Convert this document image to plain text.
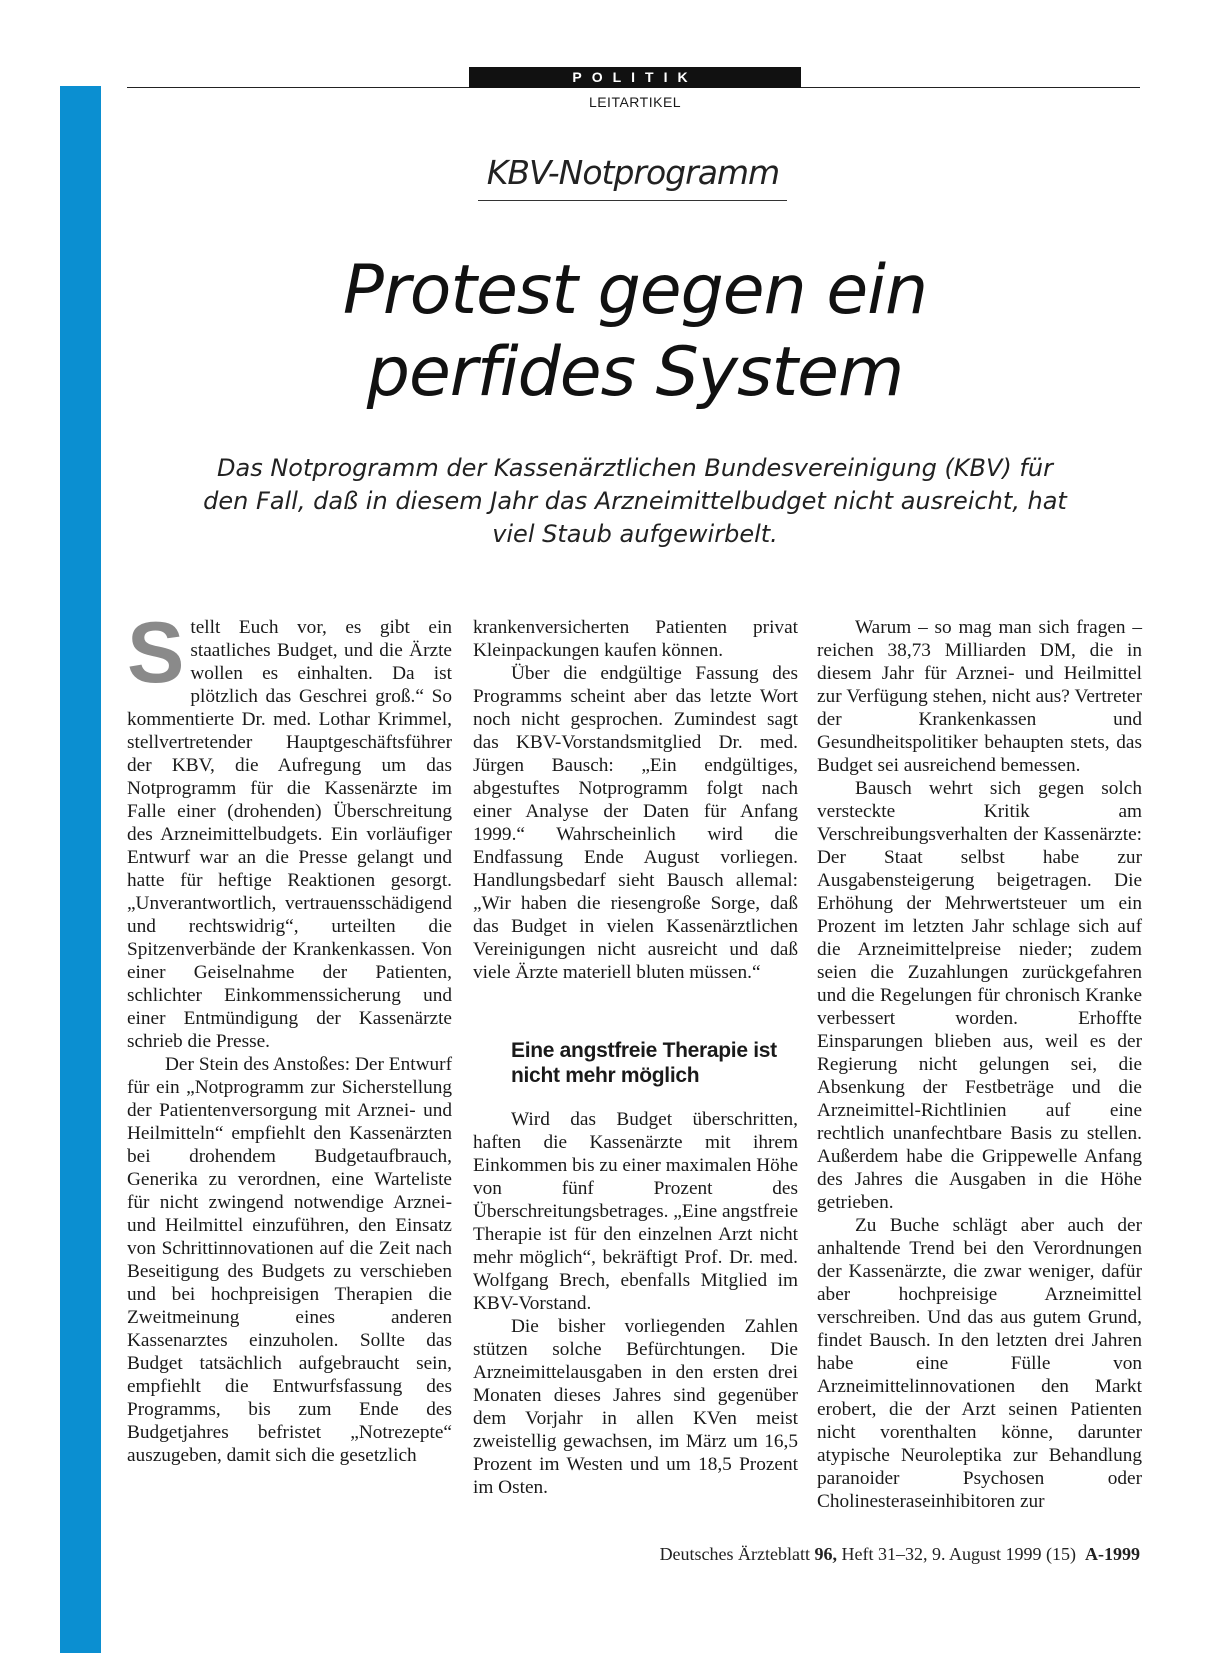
POLITIK
LEITARTIKEL
KBV-Notprogramm
Protest gegen ein
perfides System

Das Notprogramm der Kassenärztlichen Bundesvereinigung (KBV) für den Fall, daß in diesem Jahr das Arzneimittelbudget nicht ausreicht, hat viel Staub aufgewirbelt.

Stellt Euch vor, es gibt ein staatliches Budget, und die Ärzte wollen es einhalten. Da ist plötzlich das Geschrei groß.“ So kommentierte Dr. med. Lothar Krimmel, stellvertretender Hauptgeschäftsführer der KBV, die Aufregung um das Notprogramm für die Kassenärzte im Falle einer (drohenden) Überschreitung des Arzneimittelbudgets. Ein vorläufiger Entwurf war an die Presse gelangt und hatte für heftige Reaktionen gesorgt. „Unverantwortlich, vertrauensschädigend und rechtswidrig“, urteilten die Spitzenverbände der Krankenkassen. Von einer Geiselnahme der Patienten, schlichter Einkommenssicherung und einer Entmündigung der Kassenärzte schrieb die Presse.

Der Stein des Anstoßes: Der Entwurf für ein „Notprogramm zur Sicherstellung der Patientenversorgung mit Arznei- und Heilmitteln“ empfiehlt den Kassenärzten bei drohendem Budgetaufbrauch, Generika zu verordnen, eine Warteliste für nicht zwingend notwendige Arznei- und Heilmittel einzuführen, den Einsatz von Schrittinnovationen auf die Zeit nach Beseitigung des Budgets zu verschieben und bei hochpreisigen Therapien die Zweitmeinung eines anderen Kassenarztes einzuholen. Sollte das Budget tatsächlich aufgebraucht sein, empfiehlt die Entwurfsfassung des Programms, bis zum Ende des Budgetjahres befristet „Notrezepte“ auszugeben, damit sich die gesetzlich

krankenversicherten Patienten privat Kleinpackungen kaufen können.

Über die endgültige Fassung des Programms scheint aber das letzte Wort noch nicht gesprochen. Zumindest sagt das KBV-Vorstandsmitglied Dr. med. Jürgen Bausch: „Ein endgültiges, abgestuftes Notprogramm folgt nach einer Analyse der Daten für Anfang 1999.“ Wahrscheinlich wird die Endfassung Ende August vorliegen. Handlungsbedarf sieht Bausch allemal: „Wir haben die riesengroße Sorge, daß das Budget in vielen Kassenärztlichen Vereinigungen nicht ausreicht und daß viele Ärzte materiell bluten müssen.“

Eine angstfreie Therapie ist nicht mehr möglich

Wird das Budget überschritten, haften die Kassenärzte mit ihrem Einkommen bis zu einer maximalen Höhe von fünf Prozent des Überschreitungsbetrages. „Eine angstfreie Therapie ist für den einzelnen Arzt nicht mehr möglich“, bekräftigt Prof. Dr. med. Wolfgang Brech, ebenfalls Mitglied im KBV-Vorstand.

Die bisher vorliegenden Zahlen stützen solche Befürchtungen. Die Arzneimittelausgaben in den ersten drei Monaten dieses Jahres sind gegenüber dem Vorjahr in allen KVen meist zweistellig gewachsen, im März um 16,5 Prozent im Westen und um 18,5 Prozent im Osten.

Warum – so mag man sich fragen – reichen 38,73 Milliarden DM, die in diesem Jahr für Arznei- und Heilmittel zur Verfügung stehen, nicht aus? Vertreter der Krankenkassen und Gesundheitspolitiker behaupten stets, das Budget sei ausreichend bemessen.

Bausch wehrt sich gegen solch versteckte Kritik am Verschreibungsverhalten der Kassenärzte: Der Staat selbst habe zur Ausgabensteigerung beigetragen. Die Erhöhung der Mehrwertsteuer um ein Prozent im letzten Jahr schlage sich auf die Arzneimittelpreise nieder; zudem seien die Zuzahlungen zurückgefahren und die Regelungen für chronisch Kranke verbessert worden. Erhoffte Einsparungen blieben aus, weil es der Regierung nicht gelungen sei, die Absenkung der Festbeträge und die Arzneimittel-Richtlinien auf eine rechtlich unanfechtbare Basis zu stellen. Außerdem habe die Grippewelle Anfang des Jahres die Ausgaben in die Höhe getrieben.

Zu Buche schlägt aber auch der anhaltende Trend bei den Verordnungen der Kassenärzte, die zwar weniger, dafür aber hochpreisige Arzneimittel verschreiben. Und das aus gutem Grund, findet Bausch. In den letzten drei Jahren habe eine Fülle von Arzneimittelinnovationen den Markt erobert, die der Arzt seinen Patienten nicht vorenthalten könne, darunter atypische Neuroleptika zur Behandlung paranoider Psychosen oder Cholinesteraseinhibitoren zur

Deutsches Ärzteblatt 96, Heft 31–32, 9. August 1999 (15) A-1999
